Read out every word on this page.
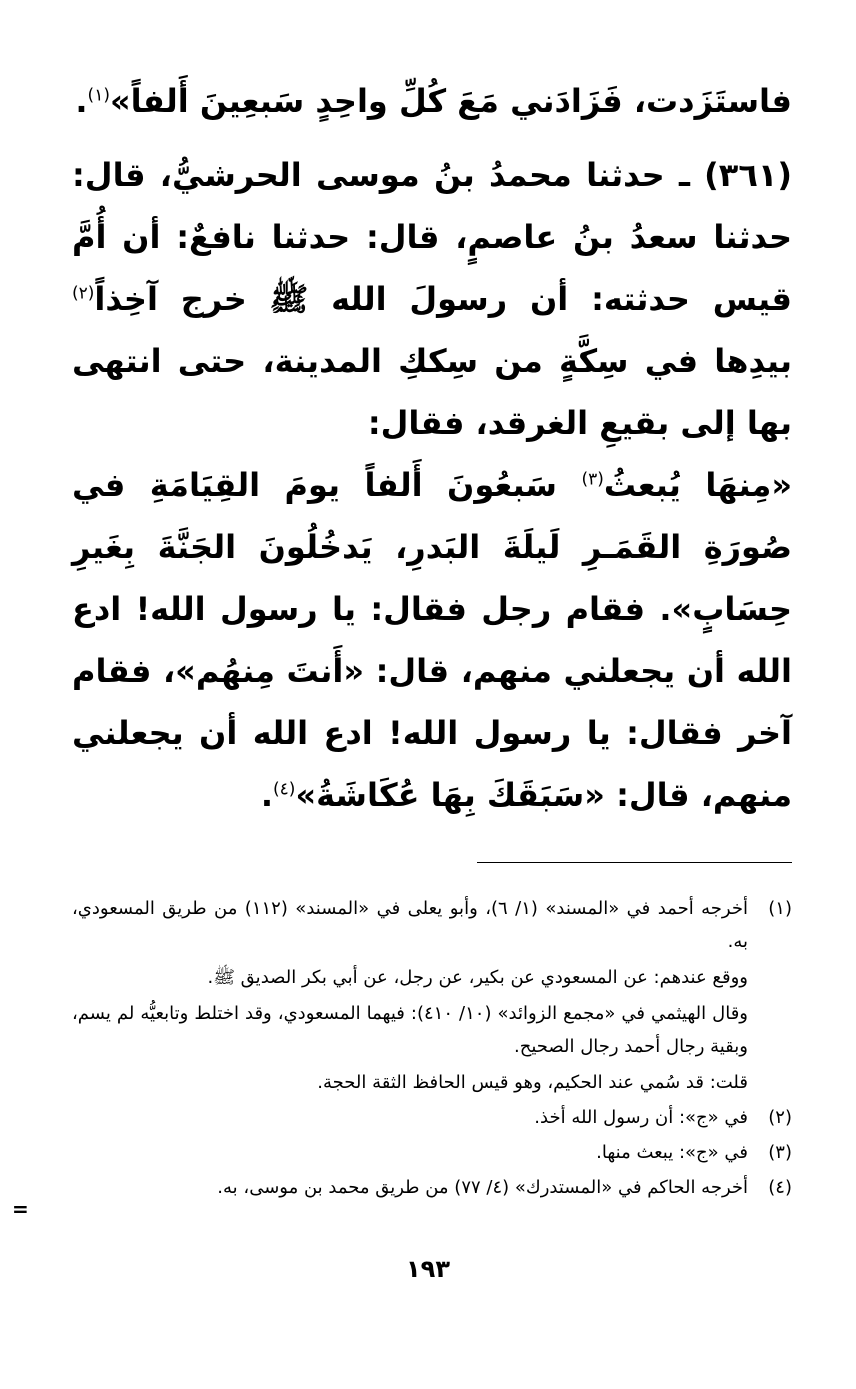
فاستَزَدت، فَزَادَني مَعَ كُلِّ واحِدٍ سَبعِينَ أَلفاً»$^{(١)}$.

(٣٦١) ـ حدثنا محمدُ بنُ موسى الحرشيُّ، قال: حدثنا سعدُ بنُ عاصمٍ، قال: حدثنا نافعٌ: أن أُمَّ قيس حدثته: أن رسولَ الله ﷺ خرج آخِذاً$^{(٢)}$ بيدِها في سِكَّةٍ من سِككِ المدينة، حتى انتهى بها إلى بقيعِ الغرقد، فقال:

«مِنهَا يُبعثُ$^{(٣)}$ سَبعُونَ أَلفاً يومَ القِيَامَةِ في صُورَةِ القَمَـرِ لَيلَةَ البَدرِ، يَدخُلُونَ الجَنَّةَ بِغَيرِ حِسَابٍ». فقام رجل فقال: يا رسول الله! ادع الله أن يجعلني منهم، قال: «أَنتَ مِنهُم»، فقام آخر فقال: يا رسول الله! ادع الله أن يجعلني منهم، قال: «سَبَقَكَ بِهَا عُكَاشَةُ»$^{(٤)}$.

(١)

أخرجه أحمد في «المسند» (١/ ٦)، وأبو يعلى في «المسند» (١١٢) من طريق المسعودي، به.

ووقع عندهم: عن المسعودي عن بكير، عن رجل، عن أبي بكر الصديق ﷺ.

وقال الهيثمي في «مجمع الزوائد» (١٠/ ٤١٠): فيهما المسعودي، وقد اختلط وتابعيُّه لم يسم، وبقية رجال أحمد رجال الصحيح.

قلت: قد سُمي عند الحكيم، وهو قيس الحافظ الثقة الحجة.

(٢)

في «ج»: أن رسول الله أخذ.

(٣)

في «ج»: يبعث منها.

(٤)

أخرجه الحاكم في «المستدرك» (٤/ ٧٧) من طريق محمد بن موسى، به.

=
١٩٣
